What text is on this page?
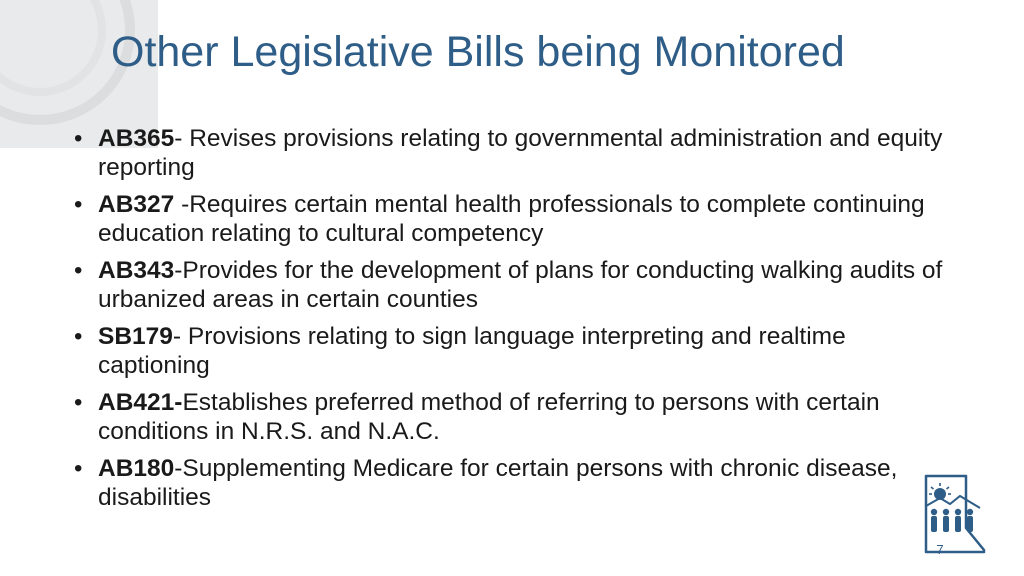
Other Legislative Bills being Monitored
• AB365- Revises provisions relating to governmental administration and equity reporting
• AB327 -Requires certain mental health professionals to complete continuing education relating to cultural competency
• AB343-Provides for the development of plans for conducting walking audits of urbanized areas in certain counties
• SB179- Provisions relating to sign language interpreting and realtime captioning
• AB421-Establishes preferred method of referring to persons with certain conditions in N.R.S. and N.A.C.
• AB180-Supplementing Medicare for certain persons with chronic disease, disabilities
7
